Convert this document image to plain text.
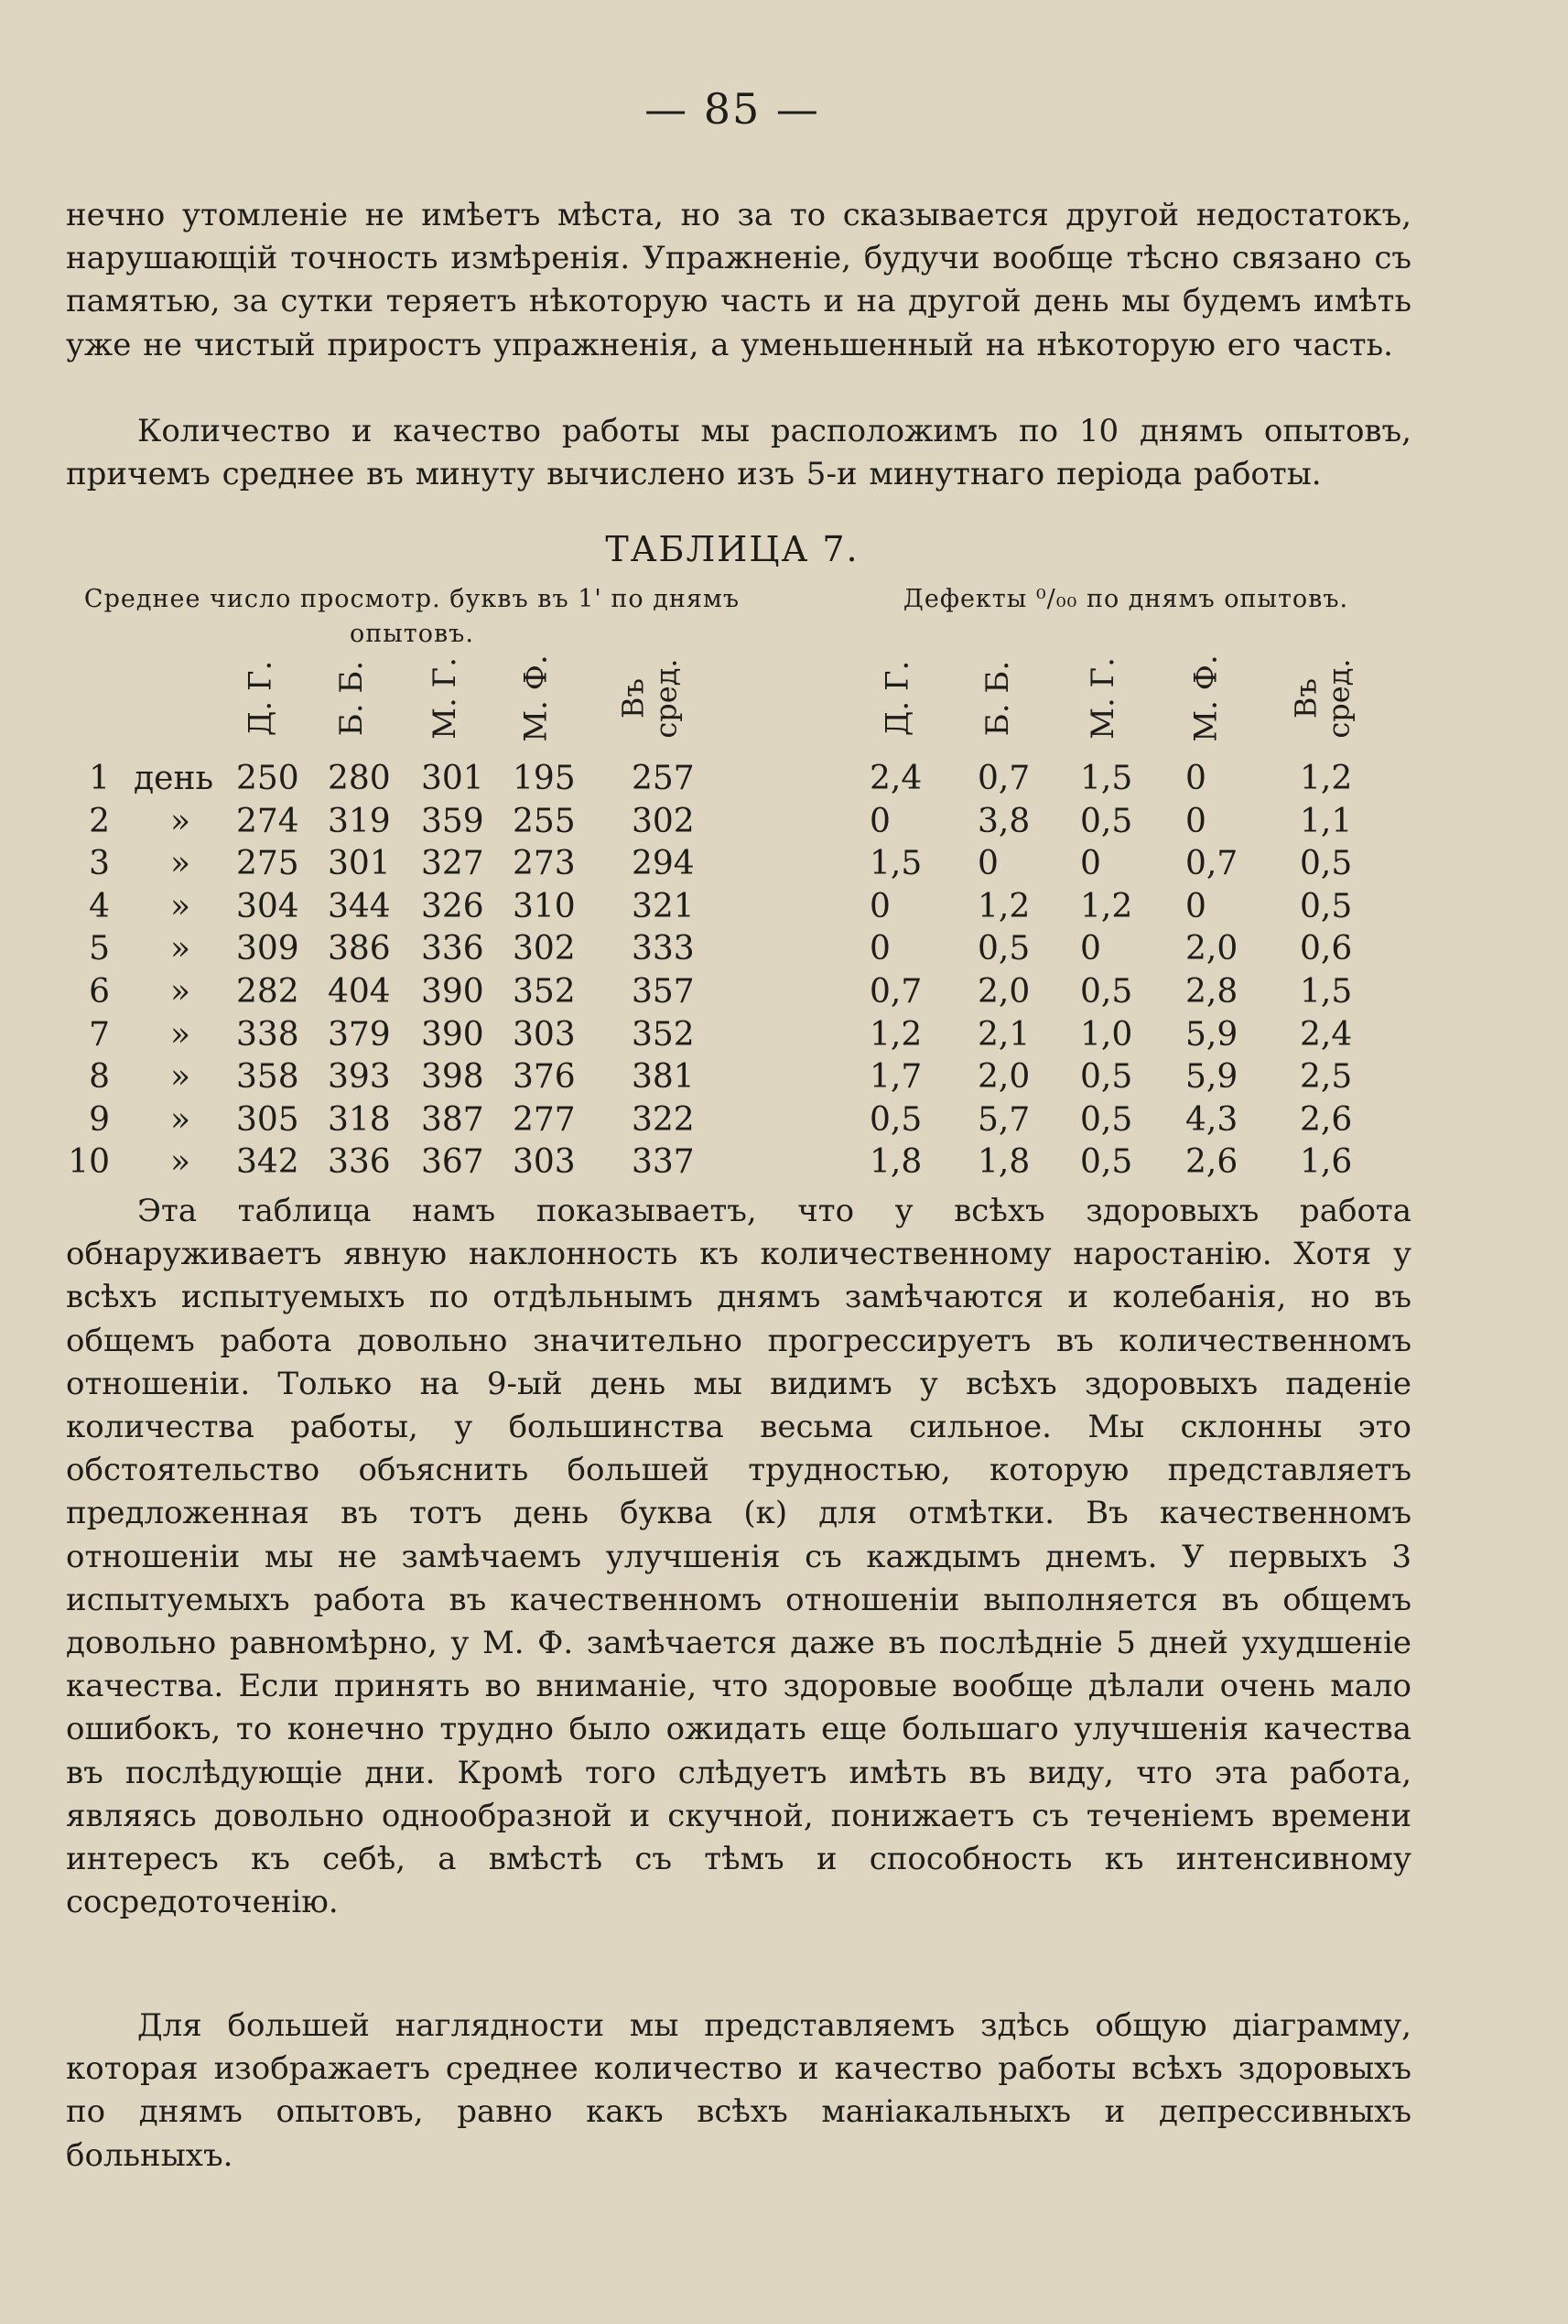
— 85 —

нечно утомленіе не имѣетъ мѣста, но за то сказывается другой недостатокъ, нарушающій точность измѣренія. Упражненіе, будучи вообще тѣсно связано съ памятью, за сутки теряетъ нѣкоторую часть и на другой день мы будемъ имѣть уже не чистый приростъ упражненія, а уменьшенный на нѣкоторую его часть.

Количество и качество работы мы расположимъ по 10 днямъ опытовъ, причемъ среднее въ минуту вычислено изъ 5-и минутнаго періода работы.

ТАБЛИЦА 7.
Среднее число просмотр. буквъ въ 1' по днямъ опытовъ.
Дефекты ⁰/₀₀ по днямъ опытовъ.
Д. Г. Б. Б. М. Г. М. Ф. Въ
сред.	Д. Г. Б. Б. М. Г. М. Ф. Въ
сред.
1 день 250 280 301 195 257	2,4 0,7 1,5 0	1,2
2 » 274 319 359 255 302	0	3,8 0,5 0	1,1
3 » 275 301 327 273 294	1,5 0 0	0,7 0,5
4 » 304 344 326 310 321	0	1,2 1,2 0	0,5
5 » 309 386 336 302 333	0	0,5 0	2,0 0,6
6 » 282 404 390 352 357	0,7 2,0 0,5 2,8 1,5
7 » 338 379 390 303 352	1,2 2,1 1,0 5,9 2,4
8 » 358 393 398 376 381	1,7 2,0 0,5 5,9 2,5
9 » 305 318 387 277 322	0,5 5,7 0,5 4,3 2,6
10 » 342 336 367 303 337	1,8 1,8 0,5 2,6 1,6

Эта таблица намъ показываетъ, что у всѣхъ здоровыхъ работа обнаруживаетъ явную наклонность къ количественному наростанію. Хотя у всѣхъ испытуемыхъ по отдѣльнымъ днямъ замѣчаются и колебанія, но въ общемъ работа довольно значительно прогрессируетъ въ количественномъ отношеніи. Только на 9-ый день мы видимъ у всѣхъ здоровыхъ паденіе количества работы, у большинства весьма сильное. Мы склонны это обстоятельство объяснить большей трудностью, которую представляетъ предложенная въ тотъ день буква (к) для отмѣтки. Въ качественномъ отношеніи мы не замѣчаемъ улучшенія съ каждымъ днемъ. У первыхъ 3 испытуемыхъ работа въ качественномъ отношеніи выполняется въ общемъ довольно равномѣрно, у М. Ф. замѣчается даже въ послѣдніе 5 дней ухудшеніе качества. Если принять во вниманіе, что здоровые вообще дѣлали очень мало ошибокъ, то конечно трудно было ожидать еще большаго улучшенія качества въ послѣдующіе дни. Кромѣ того слѣдуетъ имѣть въ виду, что эта работа, являясь довольно однообразной и скучной, понижаетъ съ теченіемъ времени интересъ къ себѣ, а вмѣстѣ съ тѣмъ и способность къ интенсивному сосредоточенію.

Для большей наглядности мы представляемъ здѣсь общую діаграмму, которая изображаетъ среднее количество и качество работы всѣхъ здоровыхъ по днямъ опытовъ, равно какъ всѣхъ маніакальныхъ и депрессивныхъ больныхъ.
